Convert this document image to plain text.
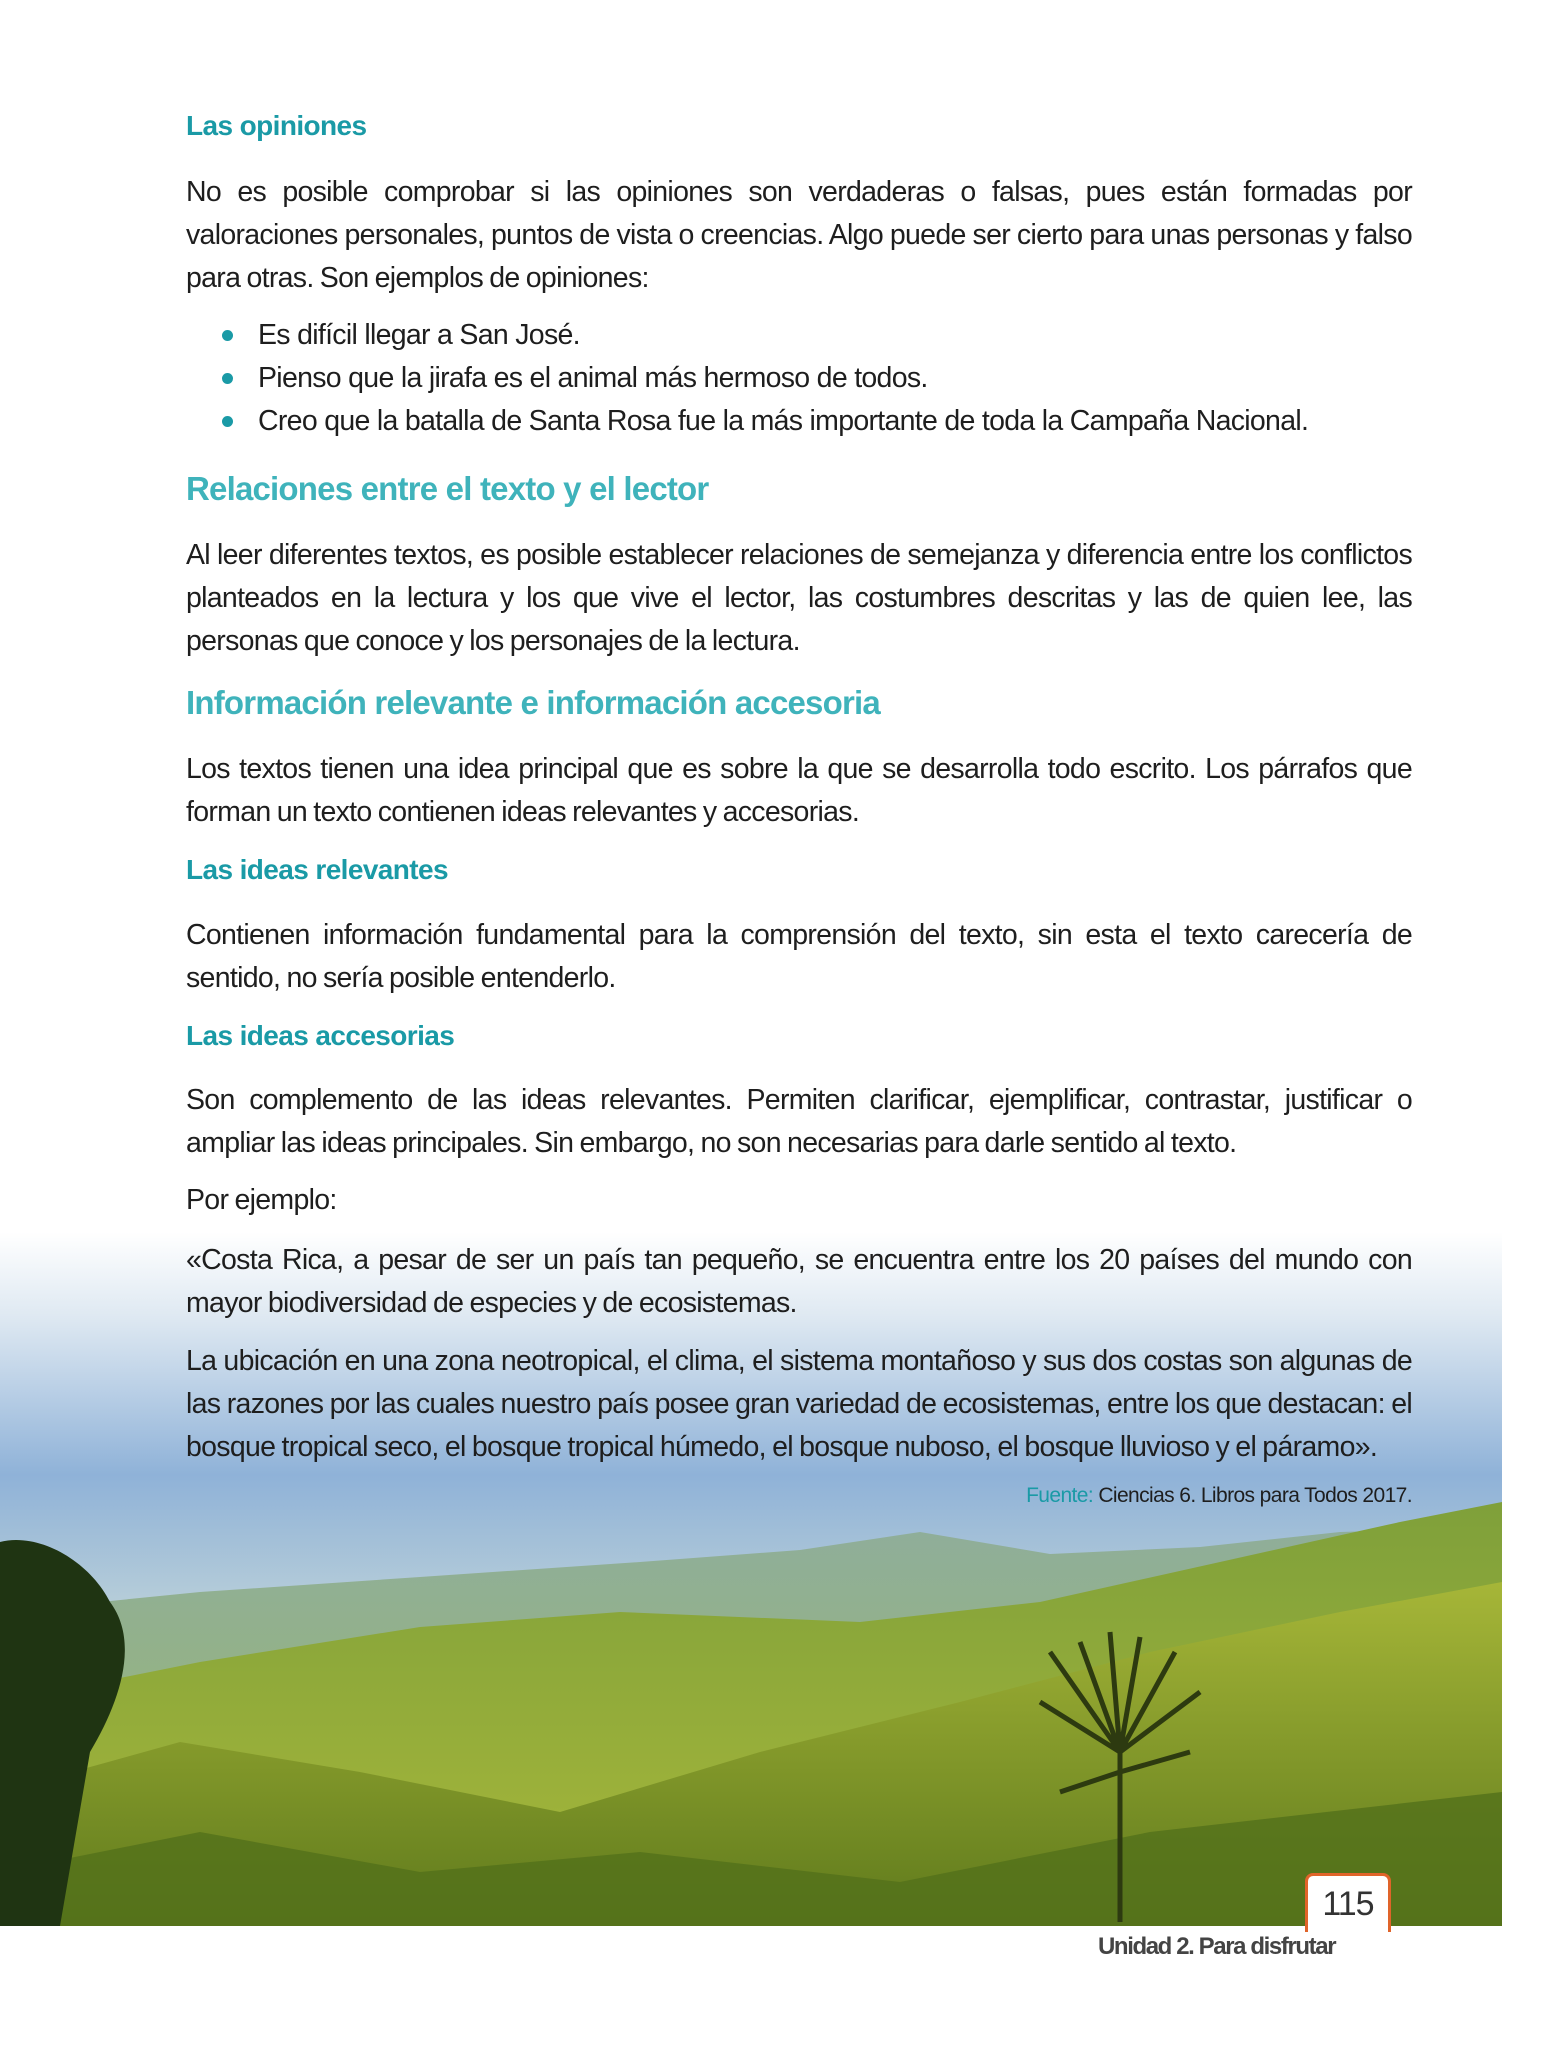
Las opiniones
No es posible comprobar si las opiniones son verdaderas o falsas, pues están formadas por valoraciones personales, puntos de vista o creencias. Algo puede ser cierto para unas personas y falso para otras. Son ejemplos de opiniones:
Es difícil llegar a San José.
Pienso que la jirafa es el animal más hermoso de todos.
Creo que la batalla de Santa Rosa fue la más importante de toda la Campaña Nacional.
Relaciones entre el texto y el lector
Al leer diferentes textos, es posible establecer relaciones de semejanza y diferencia entre los conflictos planteados en la lectura y los que vive el lector, las costumbres descritas y las de quien lee, las personas que conoce y los personajes de la lectura.
Información relevante e información accesoria
Los textos tienen una idea principal que es sobre la que se desarrolla todo escrito. Los párrafos que forman un texto contienen ideas relevantes y accesorias.
Las ideas relevantes
Contienen información fundamental para la comprensión del texto, sin esta el texto carecería de sentido, no sería posible entenderlo.
Las ideas accesorias
Son complemento de las ideas relevantes. Permiten clarificar, ejemplificar, contrastar, justificar o ampliar las ideas principales. Sin embargo, no son necesarias para darle sentido al texto.
Por ejemplo:
«Costa Rica, a pesar de ser un país tan pequeño, se encuentra entre los 20 países del mundo con mayor biodiversidad de especies y de ecosistemas.
La ubicación en una zona neotropical, el clima, el sistema montañoso y sus dos costas son algunas de las razones por las cuales nuestro país posee gran variedad de ecosistemas, entre los que destacan: el bosque tropical seco, el bosque tropical húmedo, el bosque nuboso, el bosque lluvioso y el páramo».
Fuente: Ciencias 6. Libros para Todos 2017.
Unidad 2. Para disfrutar
115
